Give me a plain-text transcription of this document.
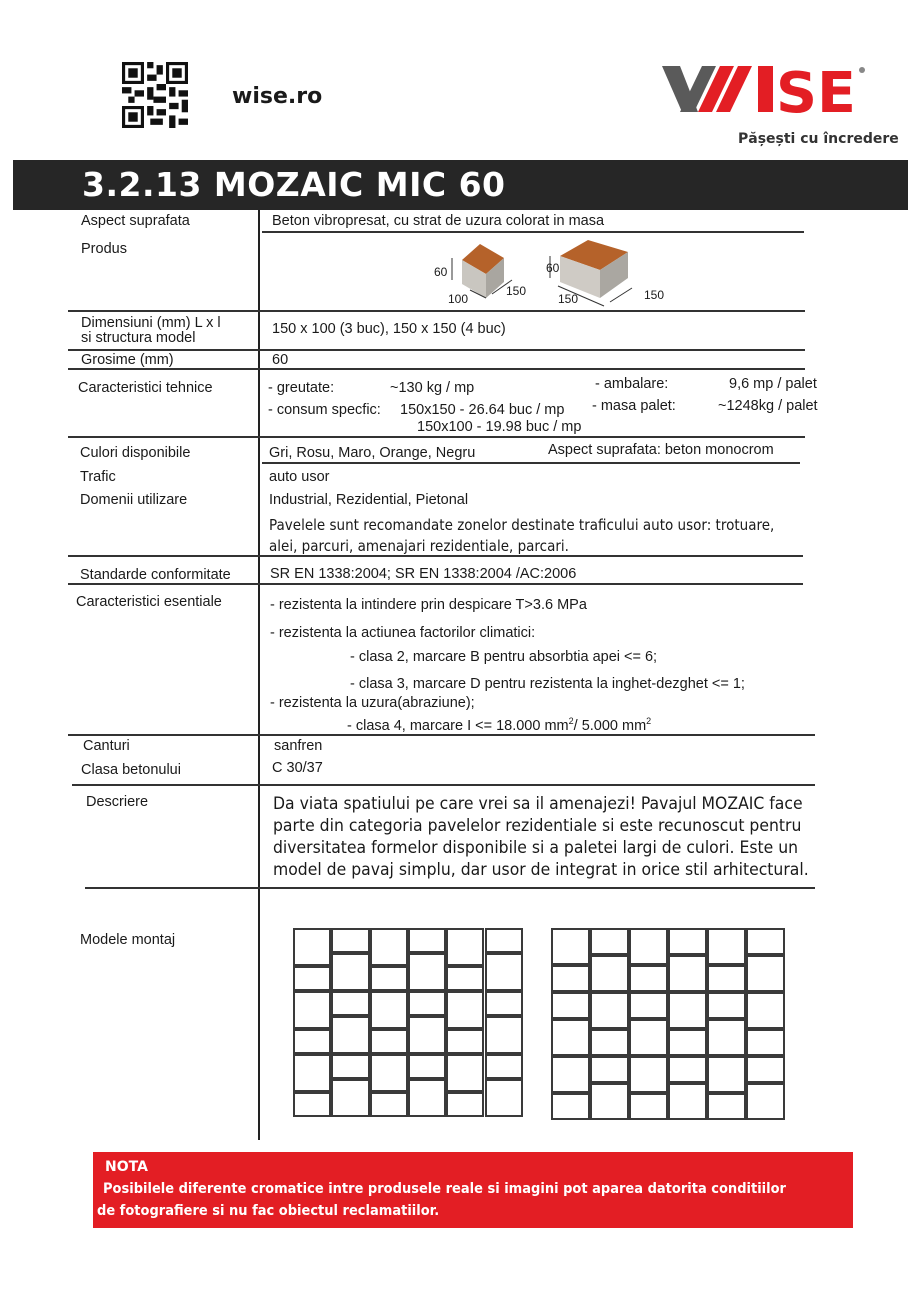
wise.ro	SE
Pășești cu încredere
3.2.13 MOZAIC MIC 60
Aspect suprafata	Beton vibropresat, cu strat de uzura colorat in masa
Produs
60
100
150
60
150	150
Dimensiuni (mm) L x l
si structura model
150 x 100 (3 buc), 150 x 150 (4 buc)
Grosime (mm)	60
Caracteristici tehnice	- greutate:	~130 kg / mp
- consum specfic: 150x150 - 26.64 buc / mp
150x100 - 19.98 buc / mp
- ambalare:	9,6 mp / palet
- masa palet:	~1248kg / palet
Culori disponibile	Gri, Rosu, Maro, Orange, Negru	Aspect suprafata: beton monocrom
Trafic	auto usor
Domenii utilizare	Industrial, Rezidential, Pietonal
Pavelele sunt recomandate zonelor destinate traficului auto usor: trotuare,
alei, parcuri, amenajari rezidentiale, parcari.
Standarde conformitate	SR EN 1338:2004; SR EN 1338:2004 /AC:2006
Caracteristici esentiale	- rezistenta la intindere prin despicare T>3.6 MPa
- rezistenta la actiunea factorilor climatici:
- clasa 2, marcare B pentru absorbtia apei <= 6;
- clasa 3, marcare D pentru rezistenta la inghet-dezghet <= 1;
- rezistenta la uzura(abraziune);
- clasa 4, marcare I <= 18.000 $mm^2/$ 5.000 $mm^2$
Canturi	sanfren
Clasa betonului	C 30/37
Descriere	Da viata spatiului pe care vrei sa il amenajezi! Pavajul MOZAIC face parte din categoria pavelelor rezidentiale si este recunoscut pentru diversitatea formelor disponibile si a paletei largi de culori. Este un model de pavaj simplu, dar usor de integrat in orice stil arhitectural.
Modele montaj
NOTA
Posibilele diferente cromatice intre produsele reale si imagini pot aparea datorita conditiilor
de fotografiere si nu fac obiectul reclamatiilor.
